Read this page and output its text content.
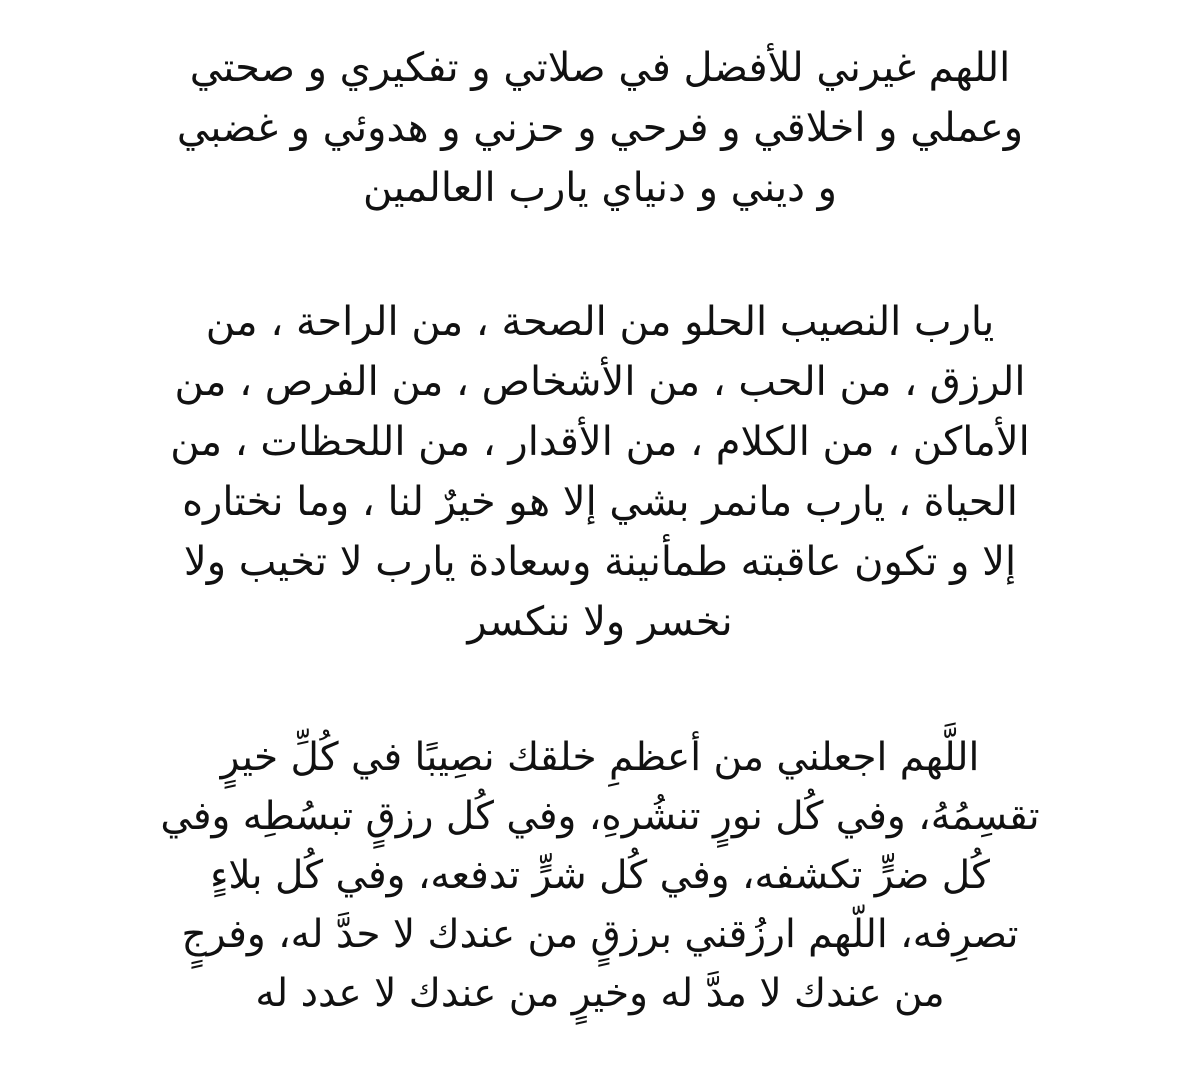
اللهم غيرني للأفضل في صلاتي و تفكيري و صحتي
وعملي و اخلاقي و فرحي و حزني و هدوئي و غضبي
و ديني و دنياي يارب العالمين
يارب النصيب الحلو من الصحة ، من الراحة ، من
الرزق ، من الحب ، من الأشخاص ، من الفرص ، من
الأماكن ، من الكلام ، من الأقدار ، من اللحظات ، من
الحياة ، يارب مانمر بشي إلا هو خيرٌ لنا ، وما نختاره
إلا و تكون عاقبته طمأنينة وسعادة يارب لا تخيب ولا
نخسر ولا ننكسر
اللَّهم اجعلني من أعظمِ خلقك نصِيبًا في كُلِّ خيرٍ
تقسِمُهُ، وفي كُل نورٍ تنشُرهِ، وفي كُل رزقٍ تبسُطِه وفي
كُل ضرٍّ تكشفه، وفي كُل شرٍّ تدفعه، وفي كُل بلاءٍ
تصرِفه، اللّهم ارزُقني برزقٍ من عندك لا حدَّ له، وفرجٍ
من عندك لا مدَّ له وخيرٍ من عندك لا عدد له
